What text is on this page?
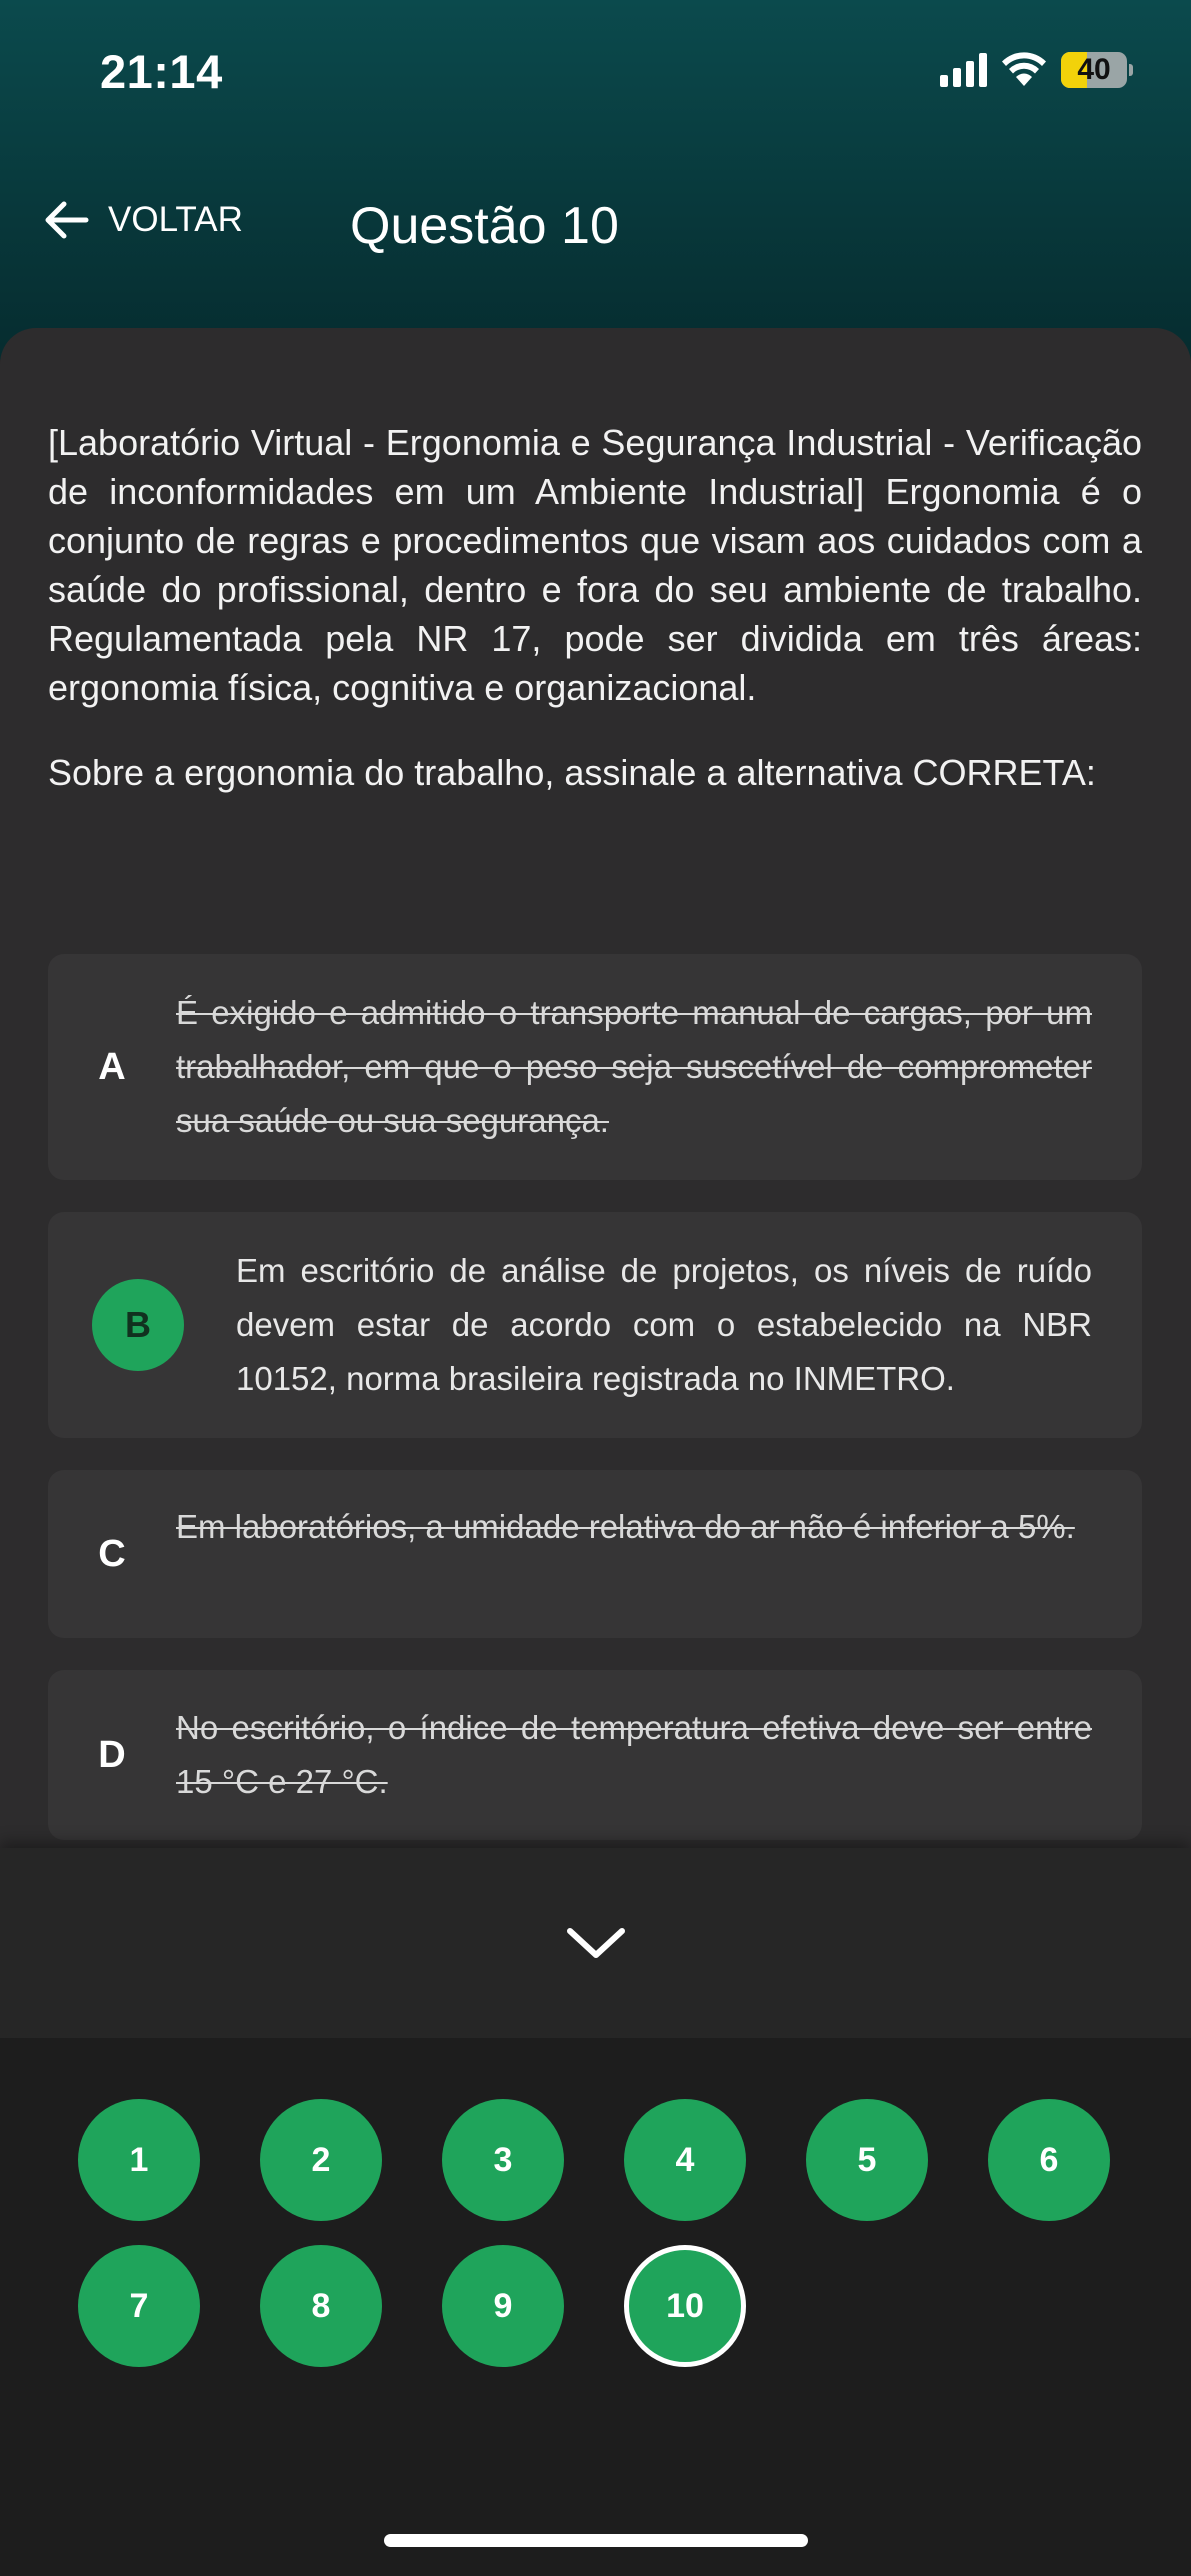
21:14	40
VOLTAR Questão 10
[Laboratório Virtual - Ergonomia e Segurança Industrial - Verificação de inconformidades em um Ambiente Industrial] Ergonomia é o conjunto de regras e procedimentos que visam aos cuidados com a saúde do profissional, dentro e fora do seu ambiente de trabalho. Regulamentada pela NR 17, pode ser dividida em três áreas: ergonomia física, cognitiva e organizacional.
Sobre a ergonomia do trabalho, assinale a alternativa CORRETA:
A
É exigido e admitido o transporte manual de cargas, por um trabalhador, em que o peso seja suscetível de comprometer sua saúde ou sua segurança.
B
Em escritório de análise de projetos, os níveis de ruído devem estar de acordo com o estabelecido na NBR 10152, norma brasileira registrada no INMETRO.
C
Em laboratórios, a umidade relativa do ar não é inferior a 5%.
D
No escritório, o índice de temperatura efetiva deve ser entre 15 °C e 27 °C.
1	2	3	4	5	6
7	8	9	10
